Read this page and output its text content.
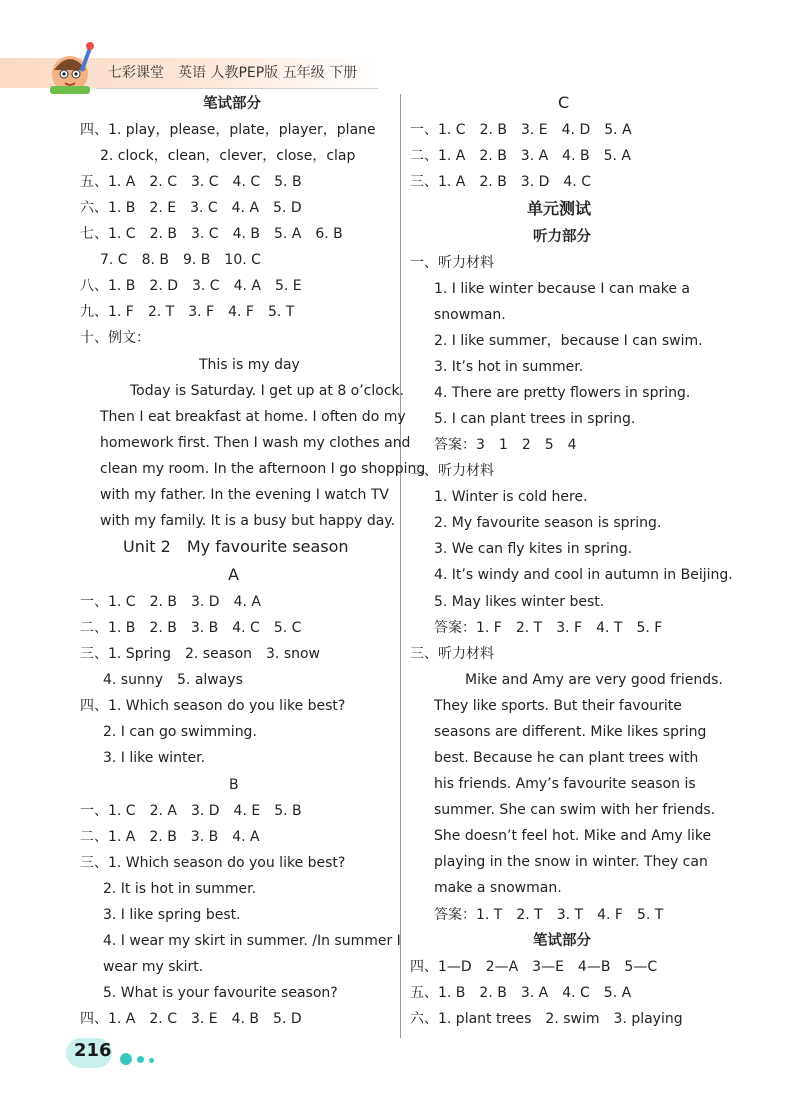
七彩课堂　英语 人教PEP版 五年级 下册
笔试部分
四、1. play，please，plate，player，plane
2. clock，clean，clever，close，clap
五、1. A　2. C　3. C　4. C　5. B
六、1. B　2. E　3. C　4. A　5. D
七、1. C　2. B　3. C　4. B　5. A　6. B
7. C　8. B　9. B　10. C
八、1. B　2. D　3. C　4. A　5. E
九、1. F　2. T　3. F　4. F　5. T
十、例文：
This is my day
Today is Saturday. I get up at 8 o’clock.
Then I eat breakfast at home. I often do my
homework first. Then I wash my clothes and
clean my room. In the afternoon I go shopping
with my father. In the evening I watch TV
with my family. It is a busy but happy day.
Unit 2　My favourite season
A
一、1. C　2. B　3. D　4. A
二、1. B　2. B　3. B　4. C　5. C
三、1. Spring　2. season　3. snow
4. sunny　5. always
四、1. Which season do you like best?
2. I can go swimming.
3. I like winter.
B
一、1. C　2. A　3. D　4. E　5. B
二、1. A　2. B　3. B　4. A
三、1. Which season do you like best?
2. It is hot in summer.
3. I like spring best.
4. I wear my skirt in summer. /In summer I
wear my skirt.
5. What is your favourite season?
四、1. A　2. C　3. E　4. B　5. D
C
一、1. C　2. B　3. E　4. D　5. A
二、1. A　2. B　3. A　4. B　5. A
三、1. A　2. B　3. D　4. C
单元测试
听力部分
一、听力材料
1. I like winter because I can make a
snowman.
2. I like summer，because I can swim.
3. It’s hot in summer.
4. There are pretty flowers in spring.
5. I can plant trees in spring.
答案：3　1　2　5　4
二、听力材料
1. Winter is cold here.
2. My favourite season is spring.
3. We can fly kites in spring.
4. It’s windy and cool in autumn in Beijing.
5. May likes winter best.
答案：1. F　2. T　3. F　4. T　5. F
三、听力材料
Mike and Amy are very good friends.
They like sports. But their favourite
seasons are different. Mike likes spring
best. Because he can plant trees with
his friends. Amy’s favourite season is
summer. She can swim with her friends.
She doesn’t feel hot. Mike and Amy like
playing in the snow in winter. They can
make a snowman.
答案：1. T　2. T　3. T　4. F　5. T
笔试部分
四、1—D　2—A　3—E　4—B　5—C
五、1. B　2. B　3. A　4. C　5. A
六、1. plant trees　2. swim　3. playing
216
